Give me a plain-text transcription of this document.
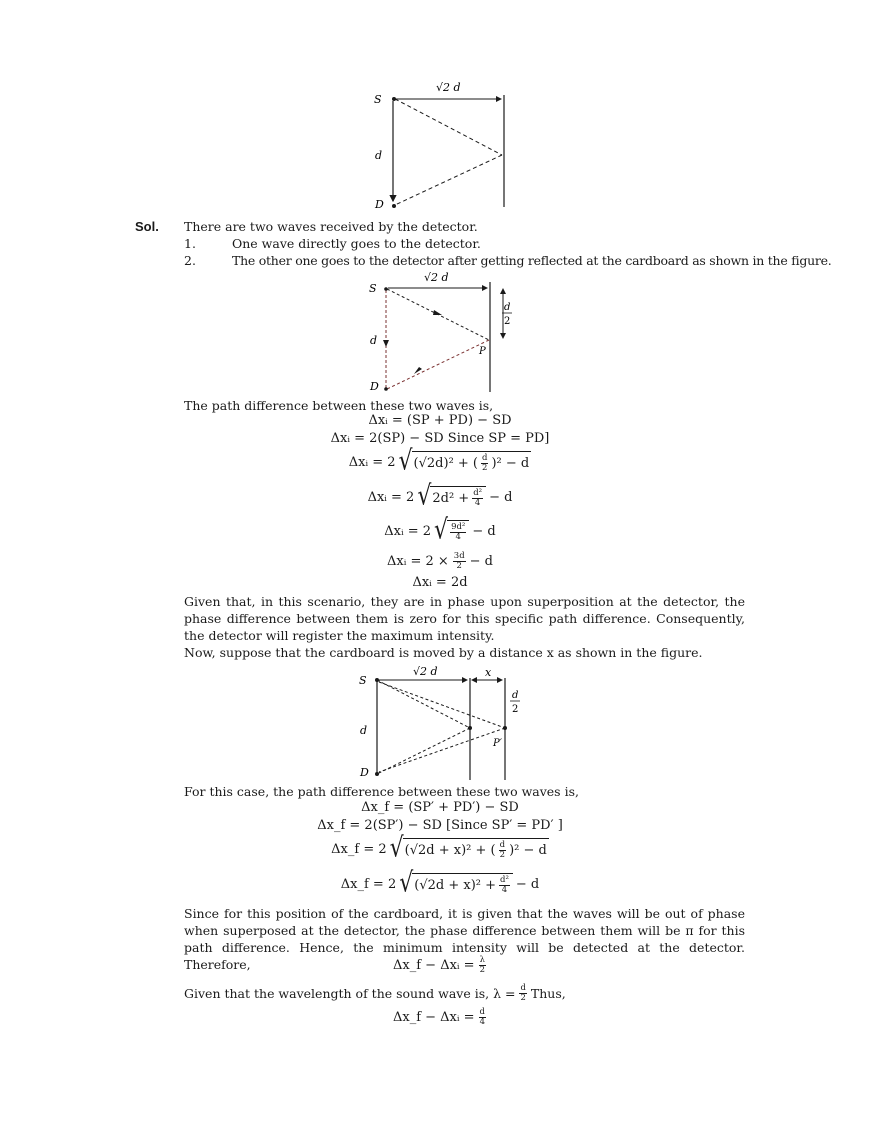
S
d
D
√2 d
Sol. There are two waves received by the detector.
1.	One wave directly goes to the detector.
2.	The other one goes to the detector after getting reflected at the cardboard as shown in the figure.
S
d
D
P
√2 d
d
2
The path difference between these two waves is,
Δxᵢ = (SP + PD) − SD
Δxᵢ = 2(SP) − SD Since SP = PD]
Δxᵢ = 2 √ (√2d)² + ( $\frac{d}{2} )^2 - d$
Δxᵢ = 2 √ $2d^2 + \frac{\text{d²}}{4} - d$
Δxᵢ = 2 √ $\frac{\text{9d²}}{4} - d$
Δxᵢ = $2 \times \frac{3d}{2} - d$
Δxᵢ = 2d
Given that, in this scenario, they are in phase upon superposition at the detector, the phase difference between them is zero for this specific path difference. Consequently, the detector will register the maximum intensity.
Now, suppose that the cardboard is moved by a distance x as shown in the figure.
S
d
D
P′
√2 d	x
d
2
For this case, the path difference between these two waves is,
Δx_f = (SP′ + PD′) − SD
Δx_f = 2(SP′) − SD [Since SP′ = PD′ ]
Δx_f = 2 √ (√2d + x)² + ( $\frac{d}{2} )^2 - d$
Δx_f = 2 √ $(√2d + x)^2 + \frac{\text{d²}}{4} - d$
Since for this position of the cardboard, it is given that the waves will be out of phase when superposed at the detector, the phase difference between them will be π for this path difference. Hence, the minimum intensity will be detected at the detector. Therefore,	Δx_f − Δxᵢ = $\frac{\lambda}{2}$
Given that the wavelength of the sound wave is, $\lambda = \frac{d}{2}$ Thus,
Δx_f − Δxᵢ = $\frac{d}{4}$
